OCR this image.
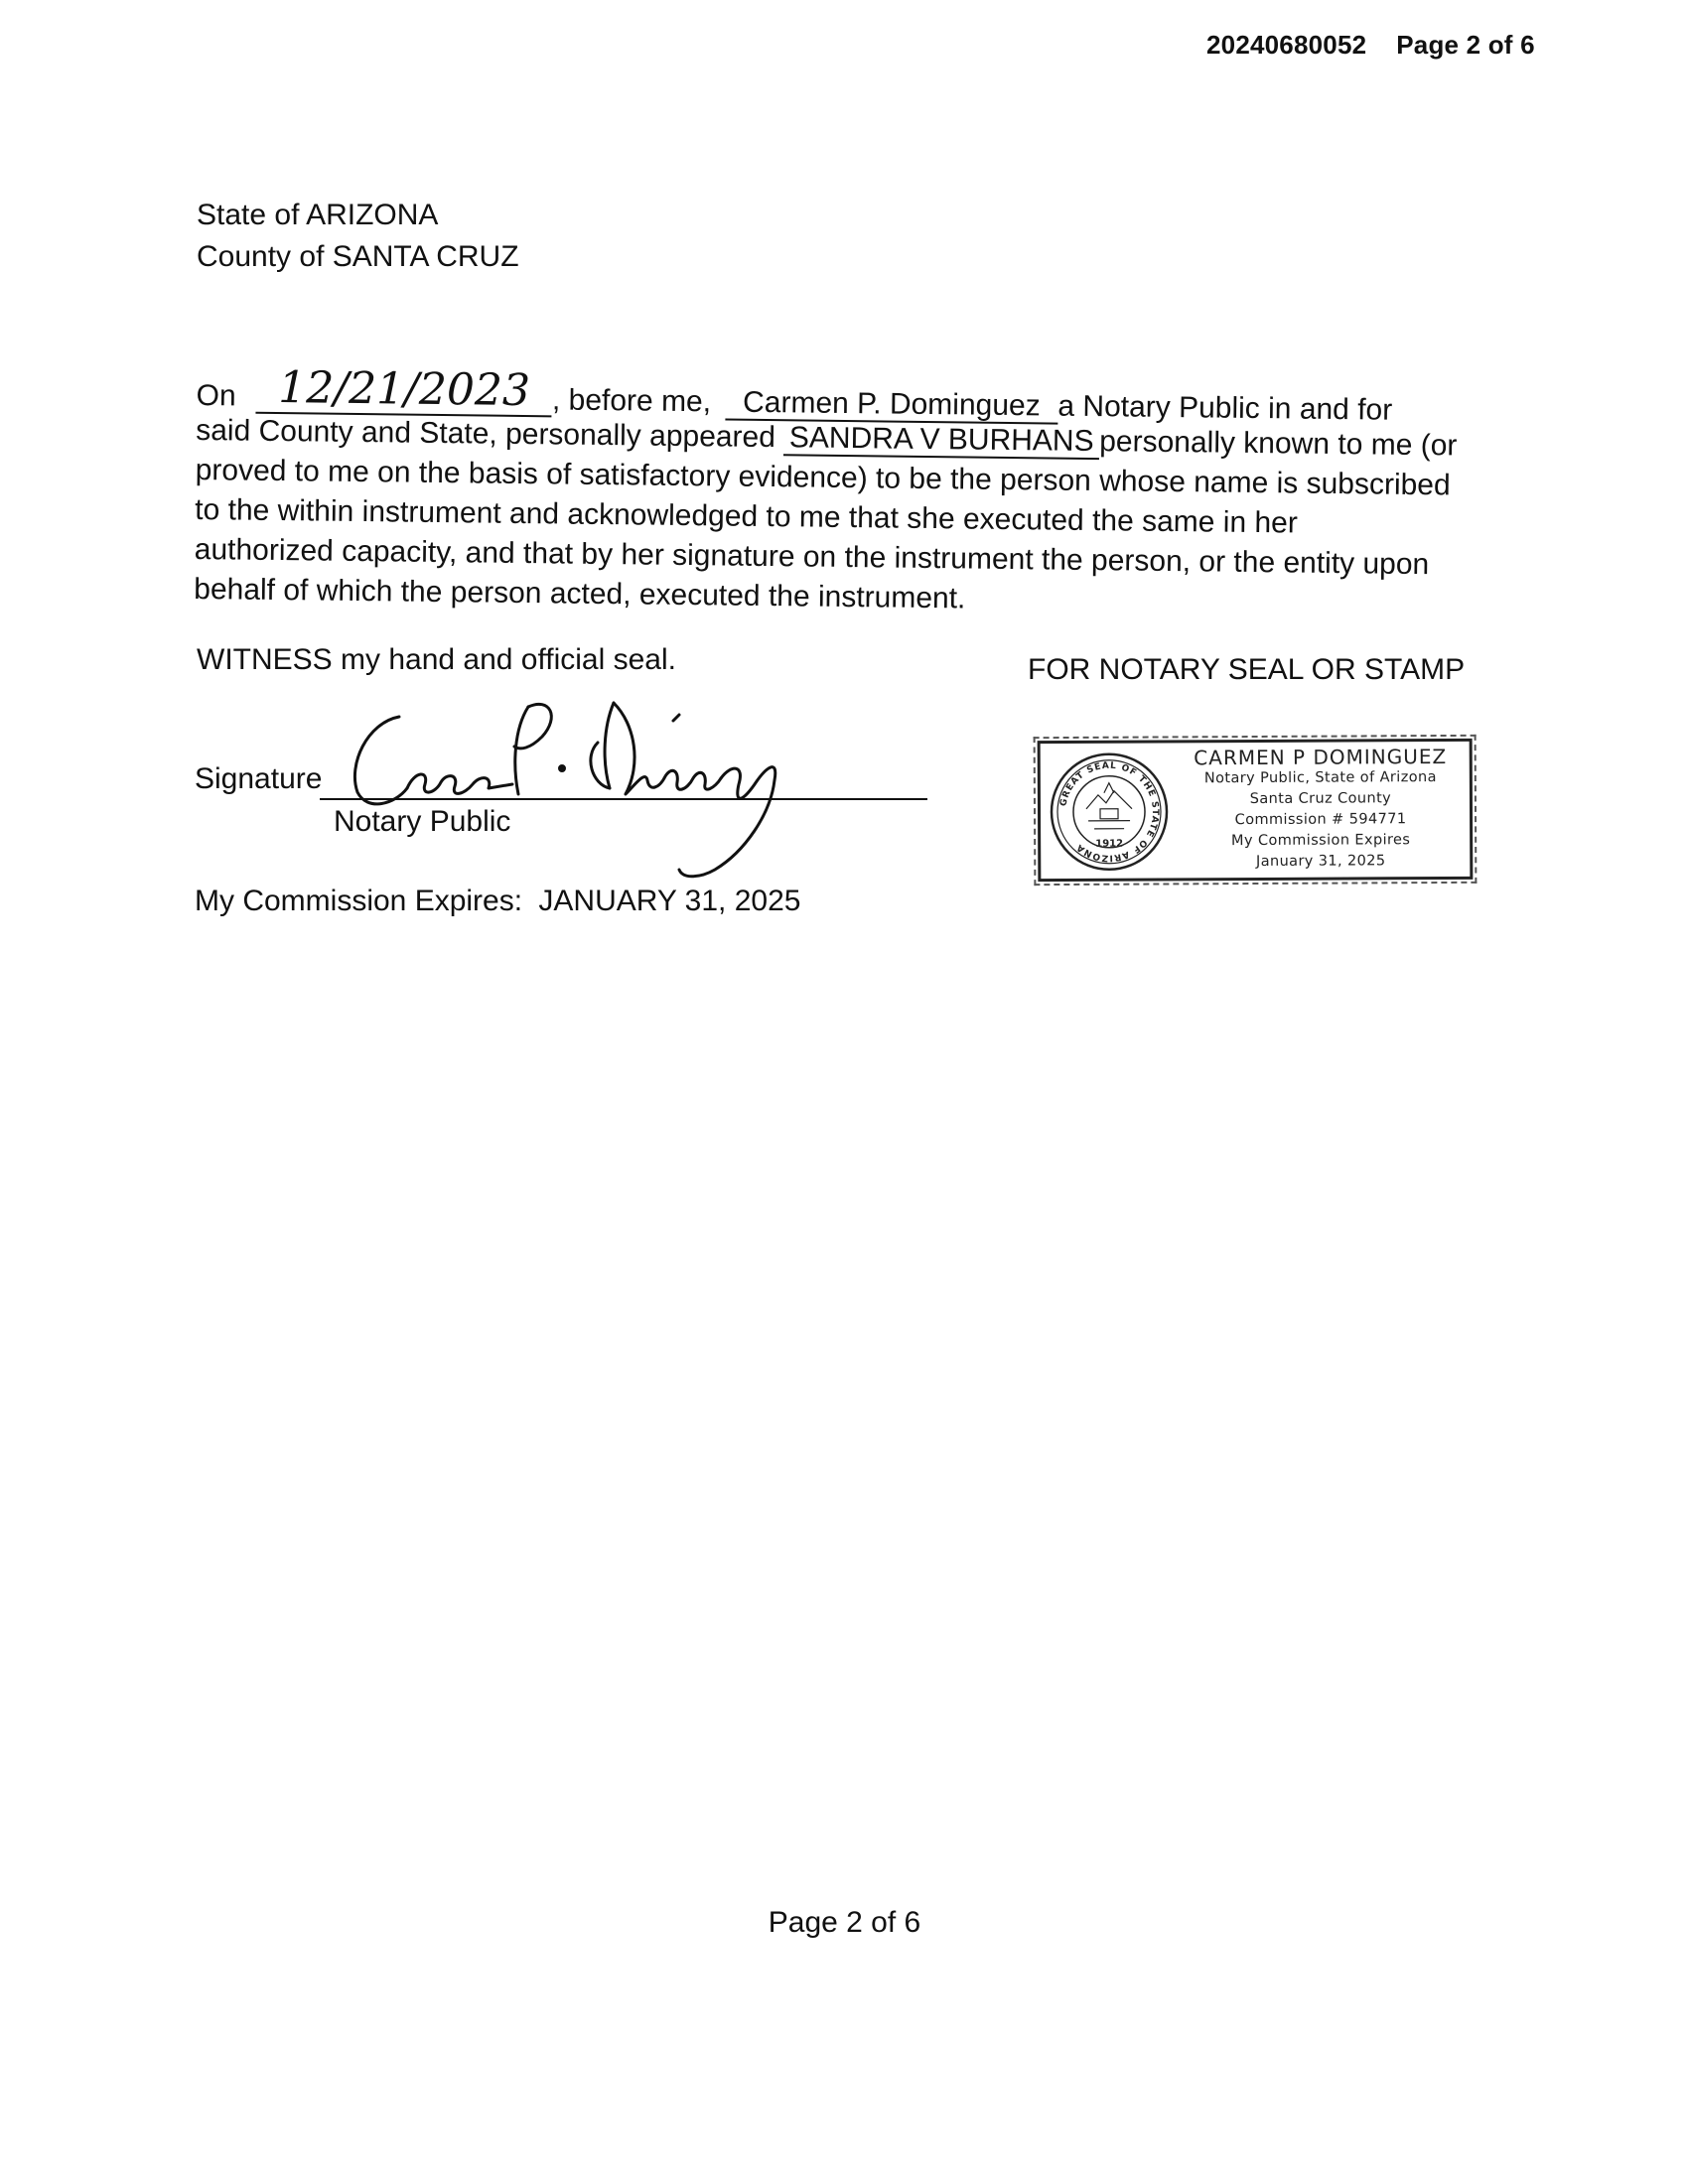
20240680052 Page 2 of 6
State of ARIZONA
County of SANTA CRUZ
On 12/21/2023 , before me, Carmen P. Dominguez a Notary Public in and for
said County and State, personally appeared SANDRA V BURHANS personally known to me (or
proved to me on the basis of satisfactory evidence) to be the person whose name is subscribed
to the within instrument and acknowledged to me that she executed the same in her
authorized capacity, and that by her signature on the instrument the person, or the entity upon
behalf of which the person acted, executed the instrument.
WITNESS my hand and official seal.	FOR NOTARY SEAL OR STAMP
Signature
Notary Public
My Commission Expires: JANUARY 31, 2025
GREAT SEAL OF THE STATE OF ARIZONA 1912
CARMEN P DOMINGUEZ
Notary Public, State of Arizona
Santa Cruz County
Commission # 594771
My Commission Expires
January 31, 2025
Page 2 of 6
